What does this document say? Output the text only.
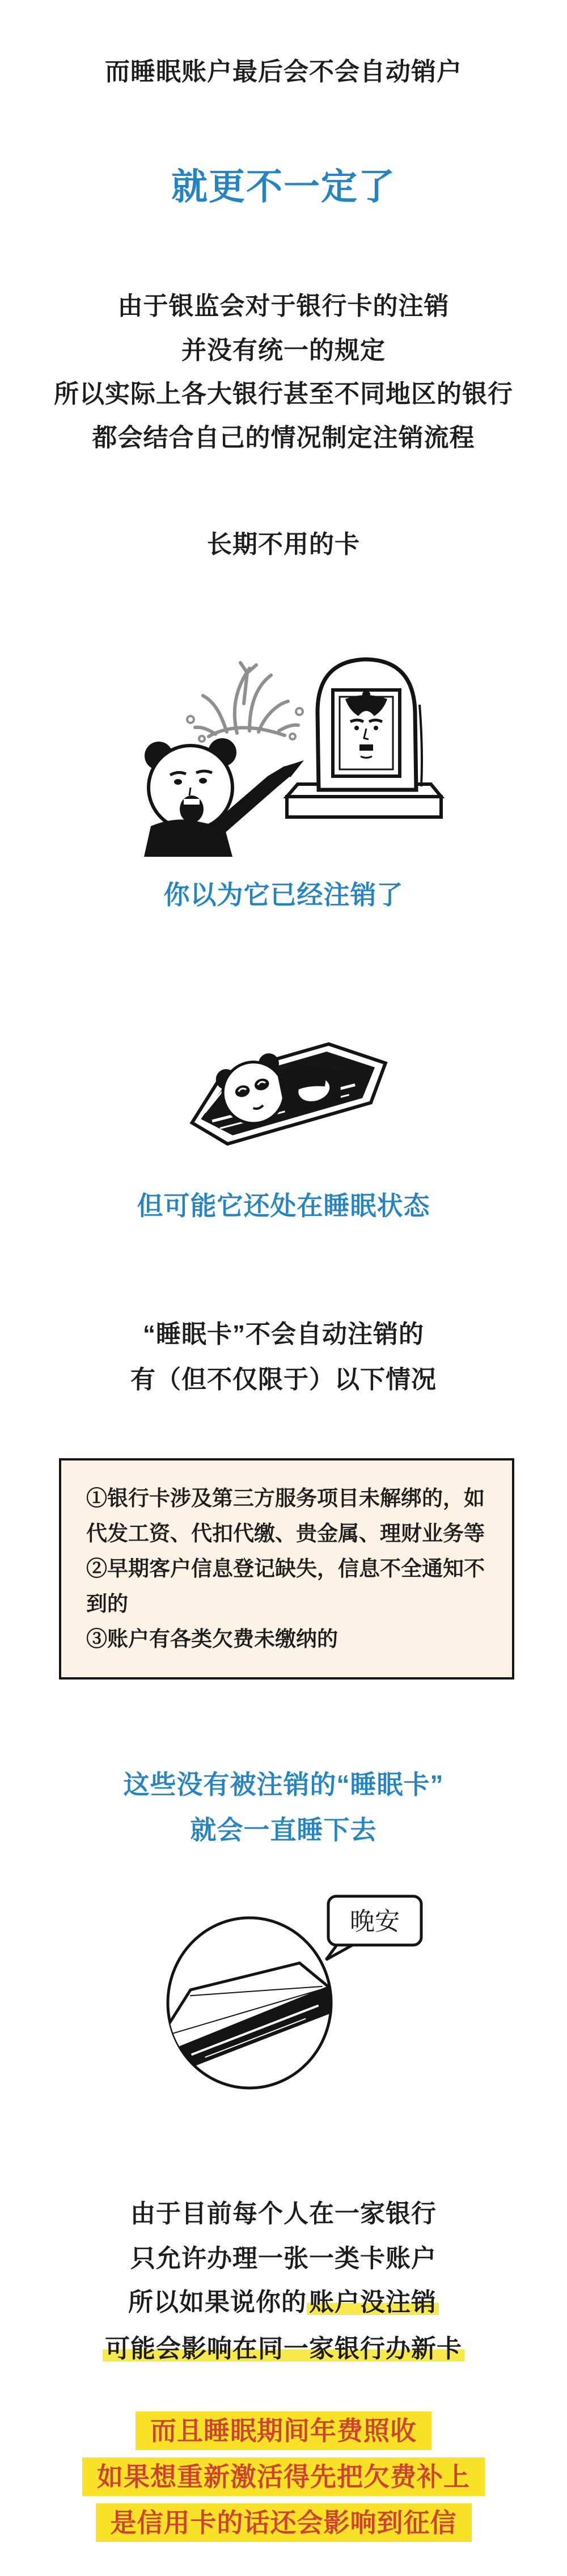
而睡眠账户最后会不会自动销户
就更不一定了
由于银监会对于银行卡的注销
并没有统一的规定
所以实际上各大银行甚至不同地区的银行
都会结合自己的情况制定注销流程
长期不用的卡
你以为它已经注销了
但可能它还处在睡眠状态
“睡眠卡”不会自动注销的
有（但不仅限于）以下情况
①银行卡涉及第三方服务项目未解绑的，如
代发工资、代扣代缴、贵金属、理财业务等
②早期客户信息登记缺失，信息不全通知不
到的
③账户有各类欠费未缴纳的
这些没有被注销的“睡眠卡”
就会一直睡下去
晚安
由于目前每个人在一家银行
只允许办理一张一类卡账户
所以如果说你的账户没注销
可能会影响在同一家银行办新卡
而且睡眠期间年费照收
如果想重新激活得先把欠费补上
是信用卡的话还会影响到征信
